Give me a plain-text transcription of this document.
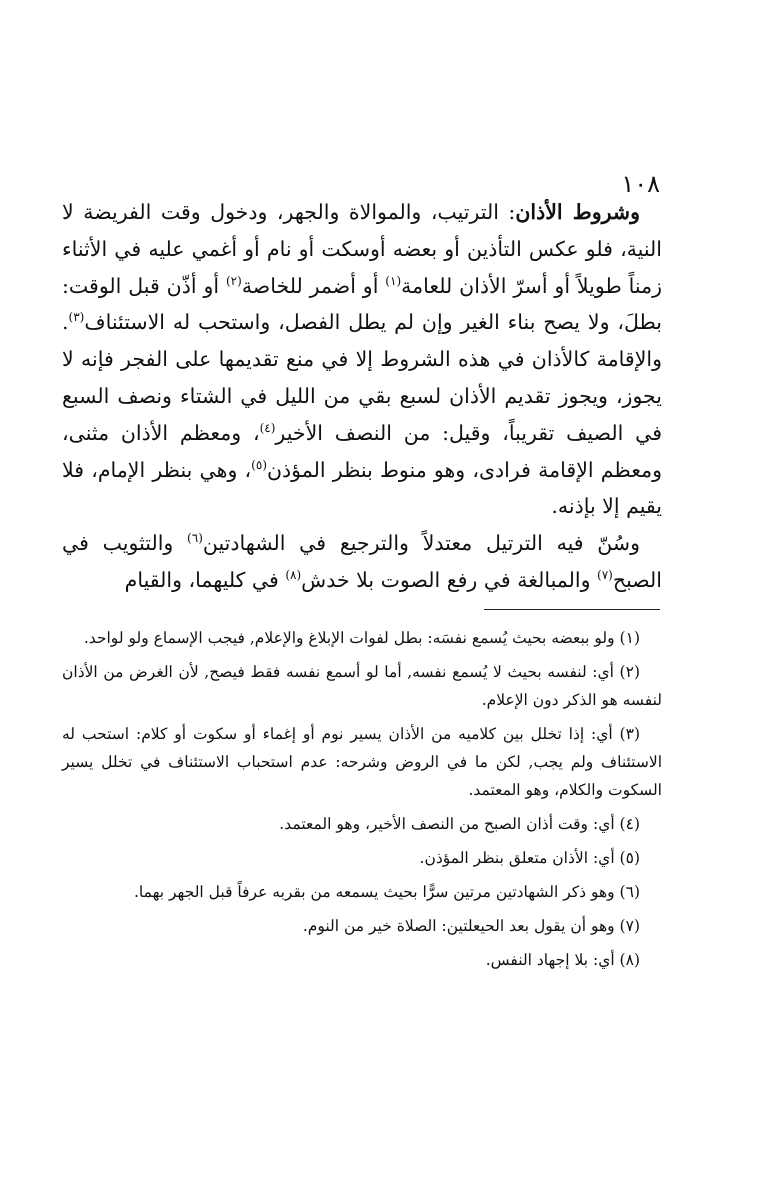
١٠٨

وشروط الأذان: الترتيب، والموالاة والجهر، ودخول وقت الفريضة لا النية، فلو عكس التأذين أو بعضه أوسكت أو نام أو أغمي عليه في الأثناء زمناً طويلاً أو أسرّ الأذان للعامة$^{(١)}$ أو أضمر للخاصة$^{(٢)}$ أو أذّن قبل الوقت: بطلَ، ولا يصح بناء الغير وإن لم يطل الفصل، واستحب له الاستئناف$^{(٣)}$. والإقامة كالأذان في هذه الشروط إلا في منع تقديمها على الفجر فإنه لا يجوز، ويجوز تقديم الأذان لسبع بقي من الليل في الشتاء ونصف السبع في الصيف تقريباً، وقيل: من النصف الأخير$^{(٤)}$، ومعظم الأذان مثنى، ومعظم الإقامة فرادى، وهو منوط بنظر المؤذن$^{(٥)}$، وهي بنظر الإمام، فلا يقيم إلا بإذنه.

وسُنّ فيه الترتيل معتدلاً والترجيع في الشهادتين$^{(٦)}$ والتثويب في الصبح$^{(٧)}$ والمبالغة في رفع الصوت بلا خدش$^{(٨)}$ في كليهما، والقيام

(١) ولو ببعضه بحيث يُسمع نفسَه: بطل لفوات الإبلاغ والإعلام, فيجب الإسماع ولو لواحد.

(٢) أي: لنفسه بحيث لا يُسمع نفسه, أما لو أسمع نفسه فقط فيصح, لأن الغرض من الأذان لنفسه هو الذكر دون الإعلام.

(٣) أي: إذا تخلل بين كلاميه من الأذان يسير نوم أو إغماء أو سكوت أو كلام: استحب له الاستئناف ولم يجب, لكن ما في الروض وشرحه: عدم استحباب الاستئناف في تخلل يسير السكوت والكلام، وهو المعتمد.

(٤) أي: وقت أذان الصبح من النصف الأخير، وهو المعتمد.

(٥) أي: الأذان متعلق بنظر المؤذن.

(٦) وهو ذكر الشهادتين مرتين سرًّا بحيث يسمعه من بقربه عرفاً قبل الجهر بهما.

(٧) وهو أن يقول بعد الحيعلتين: الصلاة خير من النوم.

(٨) أي: بلا إجهاد النفس.
